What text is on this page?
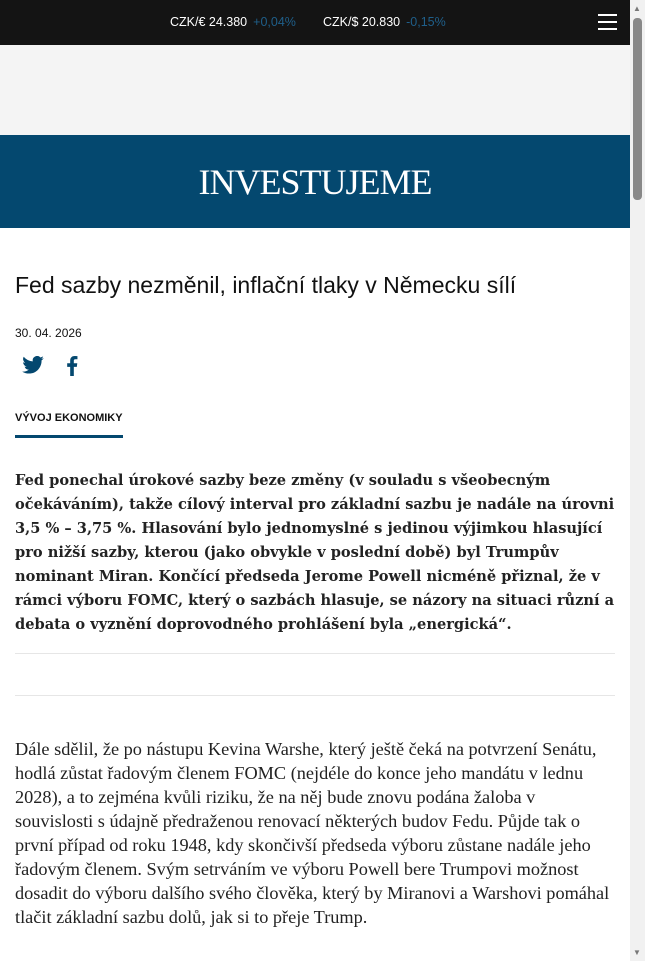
CZK/€ 24.380 +0,04% CZK/$ 20.830 -0,15%
INVESTUJEME
Fed sazby nezměnil, inflační tlaky v Německu sílí
30. 04. 2026
VÝVOJ EKONOMIKY

Fed ponechal úrokové sazby beze změny (v souladu s všeobecným očekáváním), takže cílový interval pro základní sazbu je nadále na úrovni 3,5 % – 3,75 %. Hlasování bylo jednomyslné s jedinou výjimkou hlasující pro nižší sazby, kterou (jako obvykle v poslední době) byl Trumpův nominant Miran. Končící předseda Jerome Powell nicméně přiznal, že v rámci výboru FOMC, který o sazbách hlasuje, se názory na situaci různí a debata o vyznění doprovodného prohlášení byla „energická“.

Dále sdělil, že po nástupu Kevina Warshe, který ještě čeká na potvrzení Senátu, hodlá zůstat řadovým členem FOMC (nejdéle do konce jeho mandátu v lednu 2028), a to zejména kvůli riziku, že na něj bude znovu podána žaloba v souvislosti s údajně předraženou renovací některých budov Fedu. Půjde tak o první případ od roku 1948, kdy skončivší předseda výboru zůstane nadále jeho řadovým členem. Svým setrváním ve výboru Powell bere Trumpovi možnost dosadit do výboru dalšího svého člověka, který by Miranovi a Warshovi pomáhal tlačit základní sazbu dolů, jak si to přeje Trump.

▲
▼
